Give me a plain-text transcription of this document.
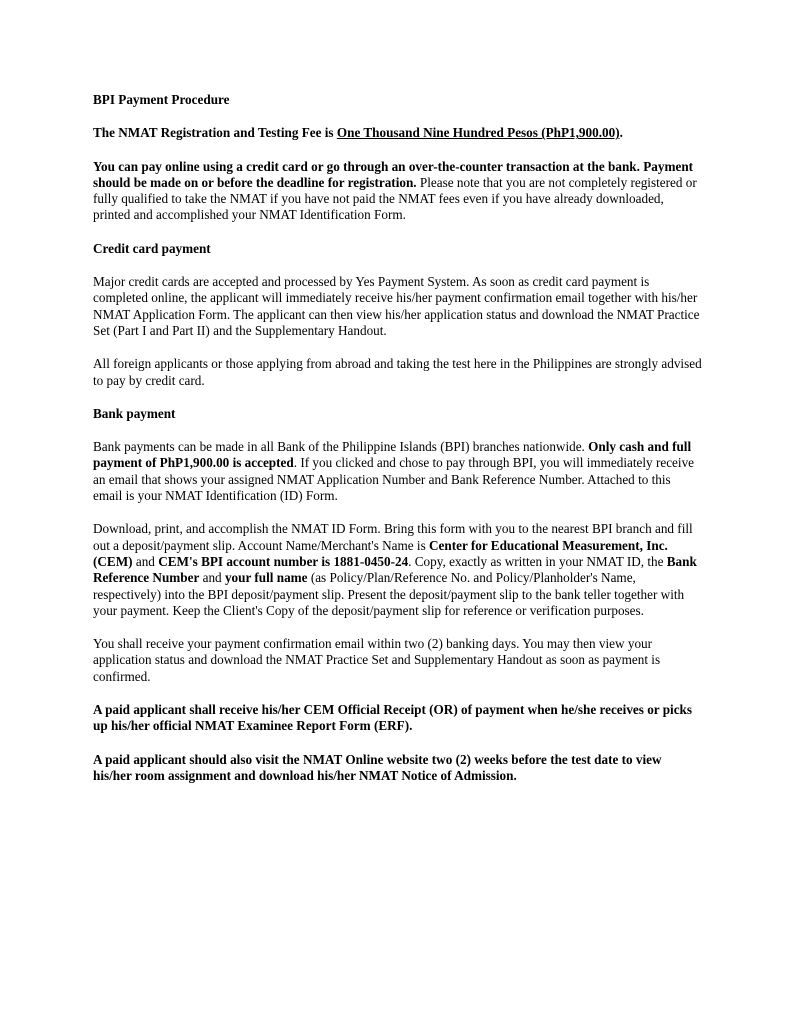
BPI Payment Procedure

The NMAT Registration and Testing Fee is One Thousand Nine Hundred Pesos (PhP1,900.00).

You can pay online using a credit card or go through an over-the-counter transaction at the bank. Payment should be made on or before the deadline for registration. Please note that you are not completely registered or fully qualified to take the NMAT if you have not paid the NMAT fees even if you have already downloaded, printed and accomplished your NMAT Identification Form.

Credit card payment

Major credit cards are accepted and processed by Yes Payment System. As soon as credit card payment is completed online, the applicant will immediately receive his/her payment confirmation email together with his/her NMAT Application Form. The applicant can then view his/her application status and download the NMAT Practice Set (Part I and Part II) and the Supplementary Handout.

All foreign applicants or those applying from abroad and taking the test here in the Philippines are strongly advised to pay by credit card.

Bank payment

Bank payments can be made in all Bank of the Philippine Islands (BPI) branches nationwide. Only cash and full payment of PhP1,900.00 is accepted. If you clicked and chose to pay through BPI, you will immediately receive an email that shows your assigned NMAT Application Number and Bank Reference Number. Attached to this email is your NMAT Identification (ID) Form.

Download, print, and accomplish the NMAT ID Form. Bring this form with you to the nearest BPI branch and fill out a deposit/payment slip. Account Name/Merchant's Name is Center for Educational Measurement, Inc. (CEM) and CEM's BPI account number is 1881-0450-24. Copy, exactly as written in your NMAT ID, the Bank Reference Number and your full name (as Policy/Plan/Reference No. and Policy/Planholder's Name, respectively) into the BPI deposit/payment slip. Present the deposit/payment slip to the bank teller together with your payment. Keep the Client's Copy of the deposit/payment slip for reference or verification purposes.

You shall receive your payment confirmation email within two (2) banking days. You may then view your application status and download the NMAT Practice Set and Supplementary Handout as soon as payment is confirmed.

A paid applicant shall receive his/her CEM Official Receipt (OR) of payment when he/she receives or picks up his/her official NMAT Examinee Report Form (ERF).

A paid applicant should also visit the NMAT Online website two (2) weeks before the test date to view his/her room assignment and download his/her NMAT Notice of Admission.
